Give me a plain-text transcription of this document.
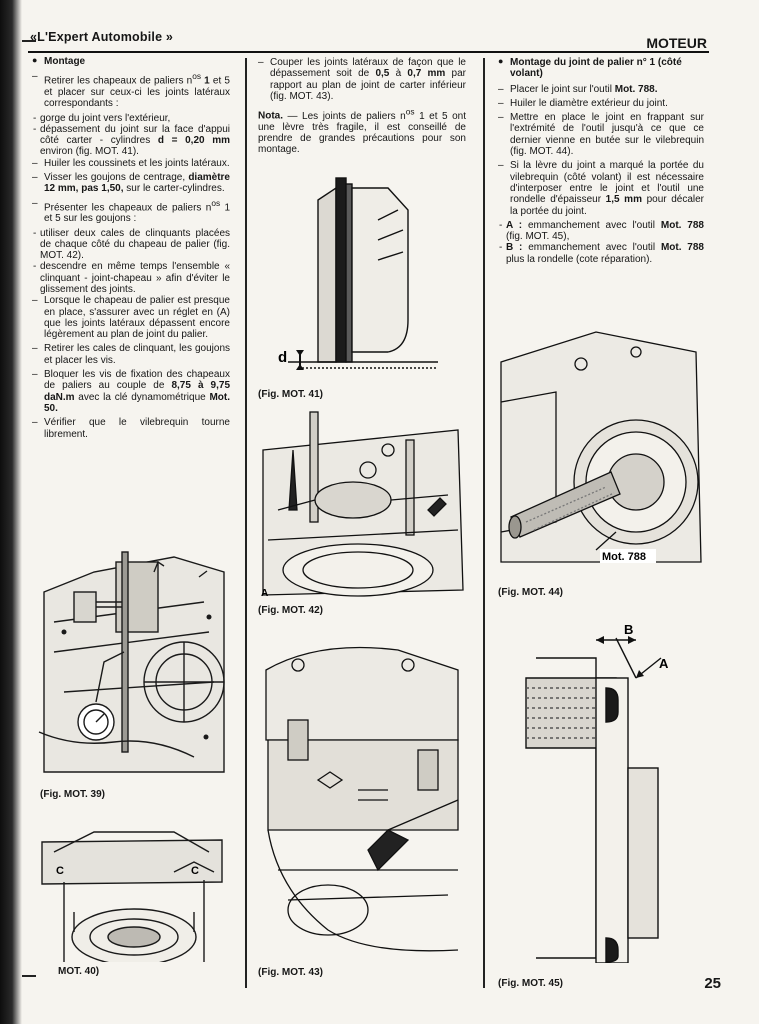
«L'Expert Automobile »	MOTEUR
● Montage
– Retirer les chapeaux de paliers $n^{os}$ 1 et 5 et placer sur ceux-ci les joints latéraux correspondants :
- gorge du joint vers l'extérieur,
- dépassement du joint sur la face d'appui côté carter - cylindres d = 0,20 mm environ (fig. MOT. 41).
– Huiler les coussinets et les joints latéraux.
– Visser les goujons de centrage, diamètre 12 mm, pas 1,50, sur le carter-cylindres.
– Présenter les chapeaux de paliers $n^{os}$ 1 et 5 sur les goujons :
- utiliser deux cales de clinquants placées de chaque côté du chapeau de palier (fig. MOT. 42).
- descendre en même temps l'ensemble « clinquant - joint-chapeau » afin d'éviter le glissement des joints.
– Lorsque le chapeau de palier est presque en place, s'assurer avec un réglet en (A) que les joints latéraux dépassent encore légèrement au plan de joint du palier.
– Retirer les cales de clinquant, les goujons et placer les vis.
– Bloquer les vis de fixation des chapeaux de paliers au couple de 8,75 à 9,75 daN.m avec la clé dynamométrique Mot. 50.
– Vérifier que le vilebrequin tourne librement.
– Couper les joints latéraux de façon que le dépassement soit de 0,5 à 0,7 mm par rapport au plan de joint de carter inférieur (fig. MOT. 43).

Nota. — Les joints de paliers $n^{os}$ 1 et 5 ont une lèvre très fragile, il est conseillé de prendre de grandes précautions pour son montage.

● Montage du joint de palier n° 1 (côté volant)
– Placer le joint sur l'outil Mot. 788.
– Huiler le diamètre extérieur du joint.
– Mettre en place le joint en frappant sur l'extrémité de l'outil jusqu'à ce que ce dernier vienne en butée sur le vilebrequin (fig. MOT. 44).
– Si la lèvre du joint a marqué la portée du vilebrequin (côté volant) il est nécessaire d'interposer entre le joint et l'outil une rondelle d'épaisseur 1,5 mm pour décaler la portée du joint.
- A : emmanchement avec l'outil Mot. 788 (fig. MOT. 45),
- B : emmanchement avec l'outil Mot. 788 plus la rondelle (cote réparation).
(Fig. MOT. 39)
C	C
MOT. 40)
d
(Fig. MOT. 41)
A
(Fig. MOT. 42)
(Fig. MOT. 43)
Mot. 788
(Fig. MOT. 44)
B
A
(Fig. MOT. 45)	25
